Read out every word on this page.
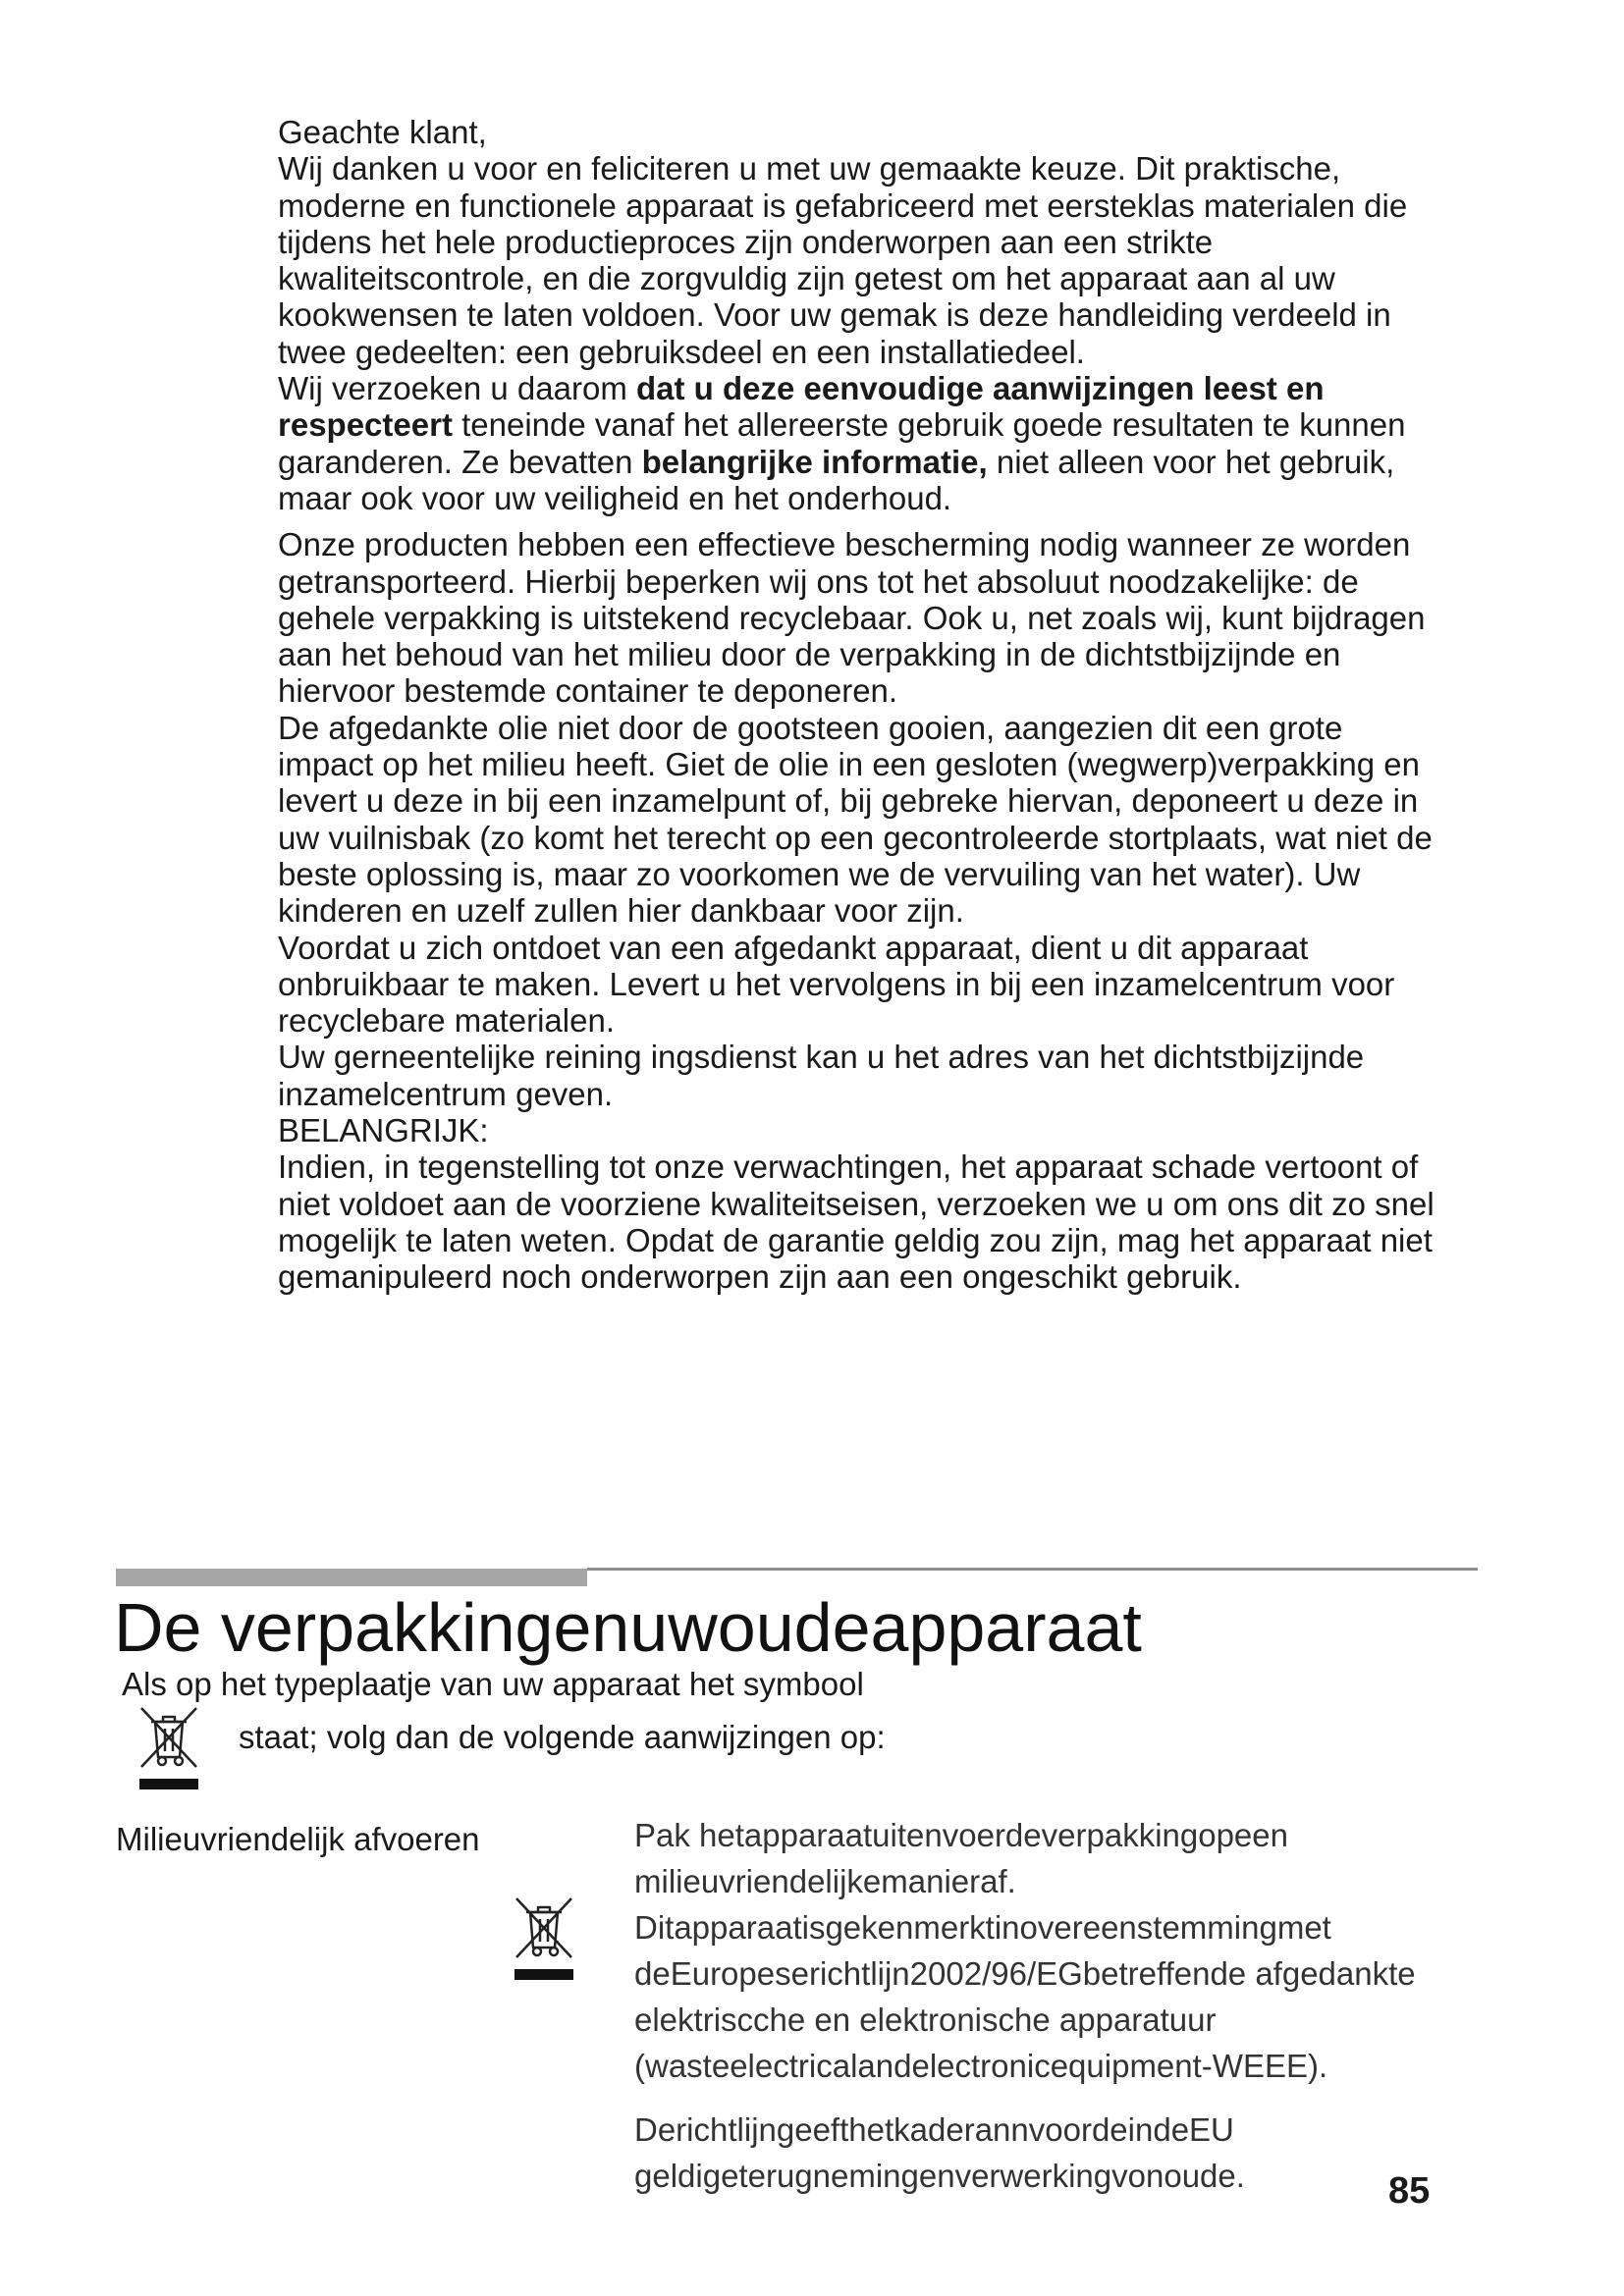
Geachte klant,

Wij danken u voor en feliciteren u met uw gemaakte keuze. Dit praktische, moderne en functionele apparaat is gefabriceerd met eersteklas materialen die tijdens het hele productieproces zijn onderworpen aan een strikte kwaliteitscontrole, en die zorgvuldig zijn getest om het apparaat aan al uw kookwensen te laten voldoen. Voor uw gemak is deze handleiding verdeeld in twee gedeelten: een gebruiksdeel en een installatiedeel.

Wij verzoeken u daarom dat u deze eenvoudige aanwijzingen leest en respecteert teneinde vanaf het allereerste gebruik goede resultaten te kunnen garanderen. Ze bevatten belangrijke informatie, niet alleen voor het gebruik, maar ook voor uw veiligheid en het onderhoud.

Onze producten hebben een effectieve bescherming nodig wanneer ze worden getransporteerd. Hierbij beperken wij ons tot het absoluut noodzakelijke: de gehele verpakking is uitstekend recyclebaar. Ook u, net zoals wij, kunt bijdragen aan het behoud van het milieu door de verpakking in de dichtstbijzijnde en hiervoor bestemde container te deponeren.

De afgedankte olie niet door de gootsteen gooien, aangezien dit een grote impact op het milieu heeft. Giet de olie in een gesloten (wegwerp)verpakking en levert u deze in bij een inzamelpunt of, bij gebreke hiervan, deponeert u deze in uw vuilnisbak (zo komt het terecht op een gecontroleerde stortplaats, wat niet de beste oplossing is, maar zo voorkomen we de vervuiling van het water). Uw kinderen en uzelf zullen hier dankbaar voor zijn.

Voordat u zich ontdoet van een afgedankt apparaat, dient u dit apparaat onbruikbaar te maken. Levert u het vervolgens in bij een inzamelcentrum voor recyclebare materialen.

Uw gerneentelijke reining ingsdienst kan u het adres van het dichtstbijzijnde inzamelcentrum geven.

BELANGRIJK:

Indien, in tegenstelling tot onze verwachtingen, het apparaat schade vertoont of niet voldoet aan de voorziene kwaliteitseisen, verzoeken we u om ons dit zo snel mogelijk te laten weten. Opdat de garantie geldig zou zijn, mag het apparaat niet gemanipuleerd noch onderworpen zijn aan een ongeschikt gebruik.

De verpakkingenuwoudeapparaat
Als op het typeplaatje van uw apparaat het symbool
staat; volg dan de volgende aanwijzingen op:
Milieuvriendelijk afvoeren	Pak hetapparaatuitenvoerdeverpakkingopeen milieuvriendelijkemanieraf.

Ditapparaatisgekenmerktinovereenstemmingmet deEuropeserichtlijn2002/96/EGbetreffende afgedankte elektriscche en elektronische apparatuur (wasteelectricalandelectronicequipment-WEEE).

DerichtlijngeefthetkaderannvoordeindeEU geldigeterugnemingenverwerkingvonoude.	85
